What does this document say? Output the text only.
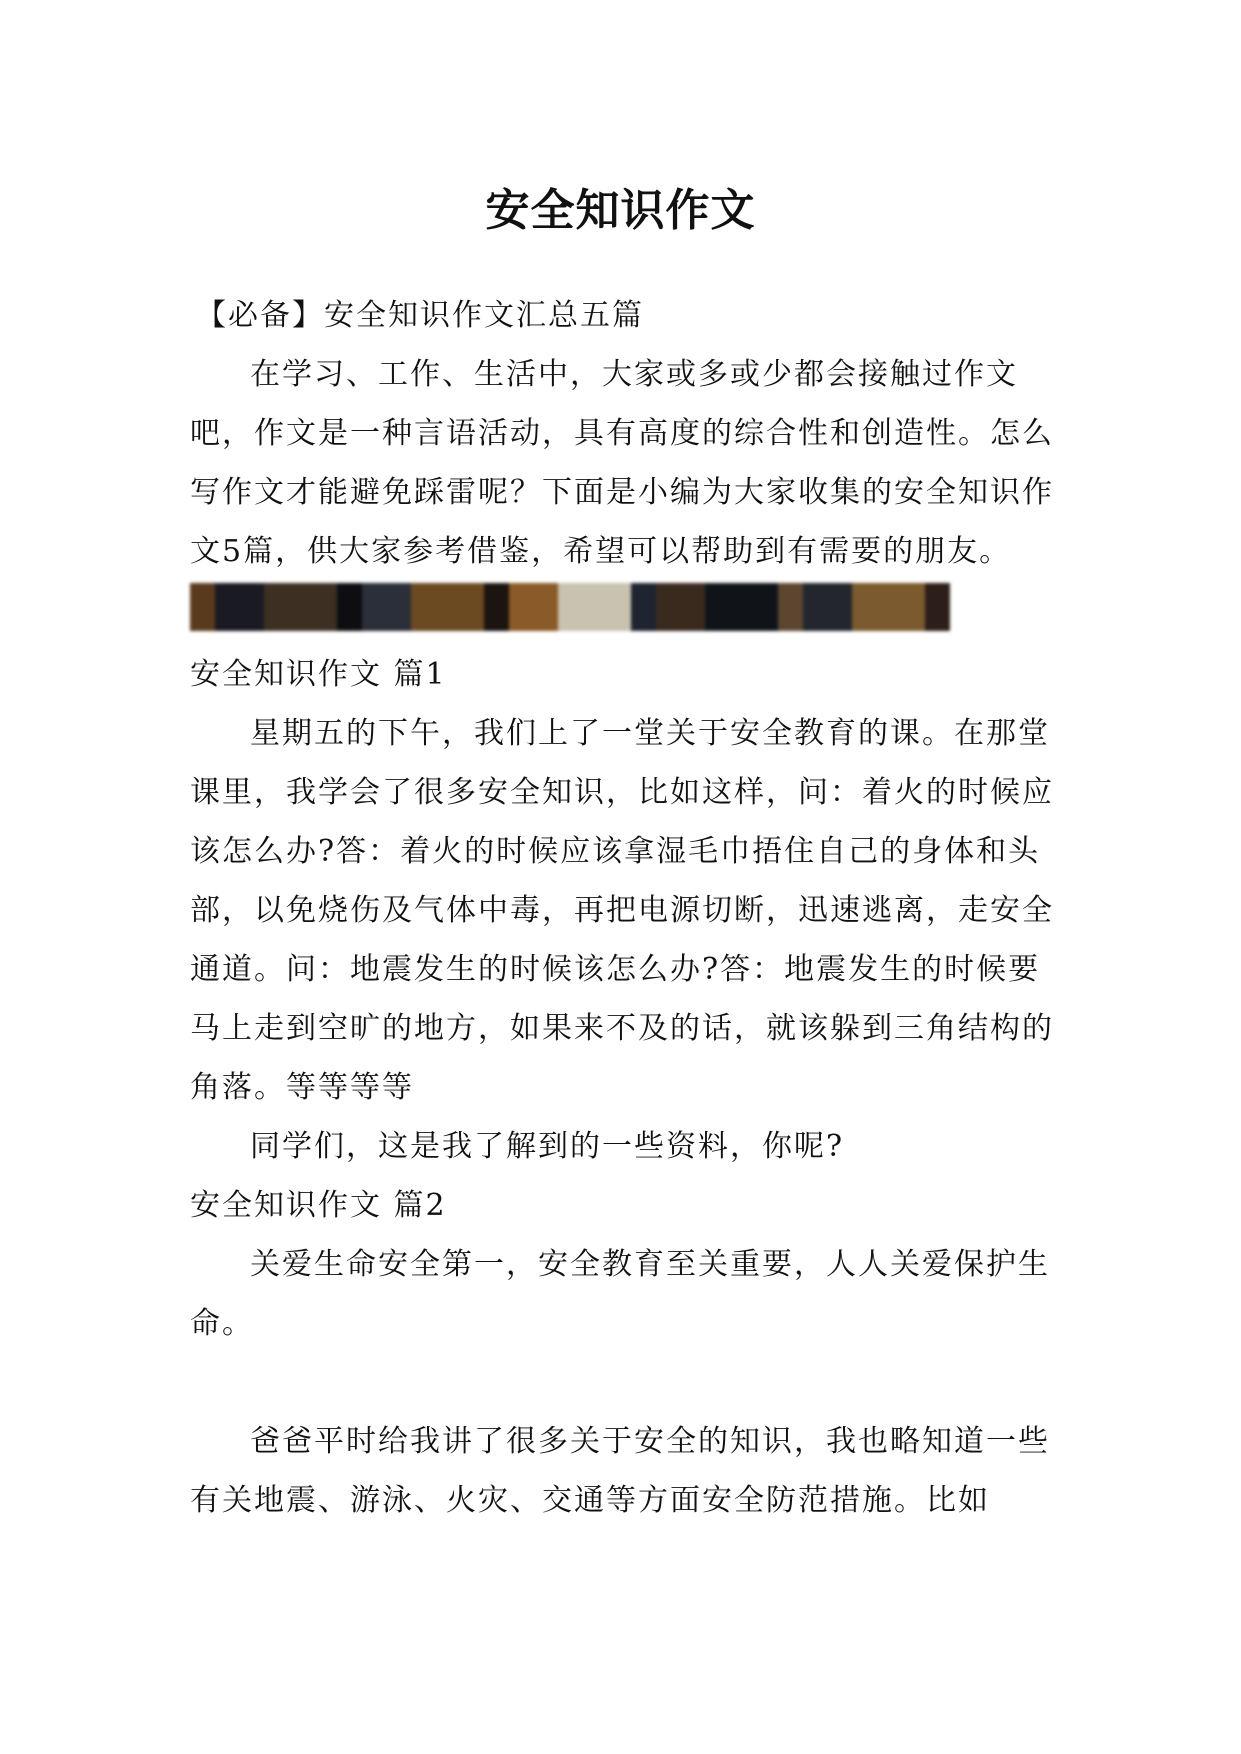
安全知识作文

【必备】安全知识作文汇总五篇

在学习、工作、生活中，大家或多或少都会接触过作文吧，作文是一种言语活动，具有高度的综合性和创造性。怎么写作文才能避免踩雷呢？下面是小编为大家收集的安全知识作文5篇，供大家参考借鉴，希望可以帮助到有需要的朋友。

安全知识作文 篇1

星期五的下午，我们上了一堂关于安全教育的课。在那堂课里，我学会了很多安全知识，比如这样，问：着火的时候应该怎么办?答：着火的时候应该拿湿毛巾捂住自己的身体和头部，以免烧伤及气体中毒，再把电源切断，迅速逃离，走安全通道。问：地震发生的时候该怎么办?答：地震发生的时候要马上走到空旷的地方，如果来不及的话，就该躲到三角结构的角落。等等等等

同学们，这是我了解到的一些资料，你呢?

安全知识作文 篇2

关爱生命安全第一，安全教育至关重要，人人关爱保护生命。

爸爸平时给我讲了很多关于安全的知识，我也略知道一些有关地震、游泳、火灾、交通等方面安全防范措施。比如
